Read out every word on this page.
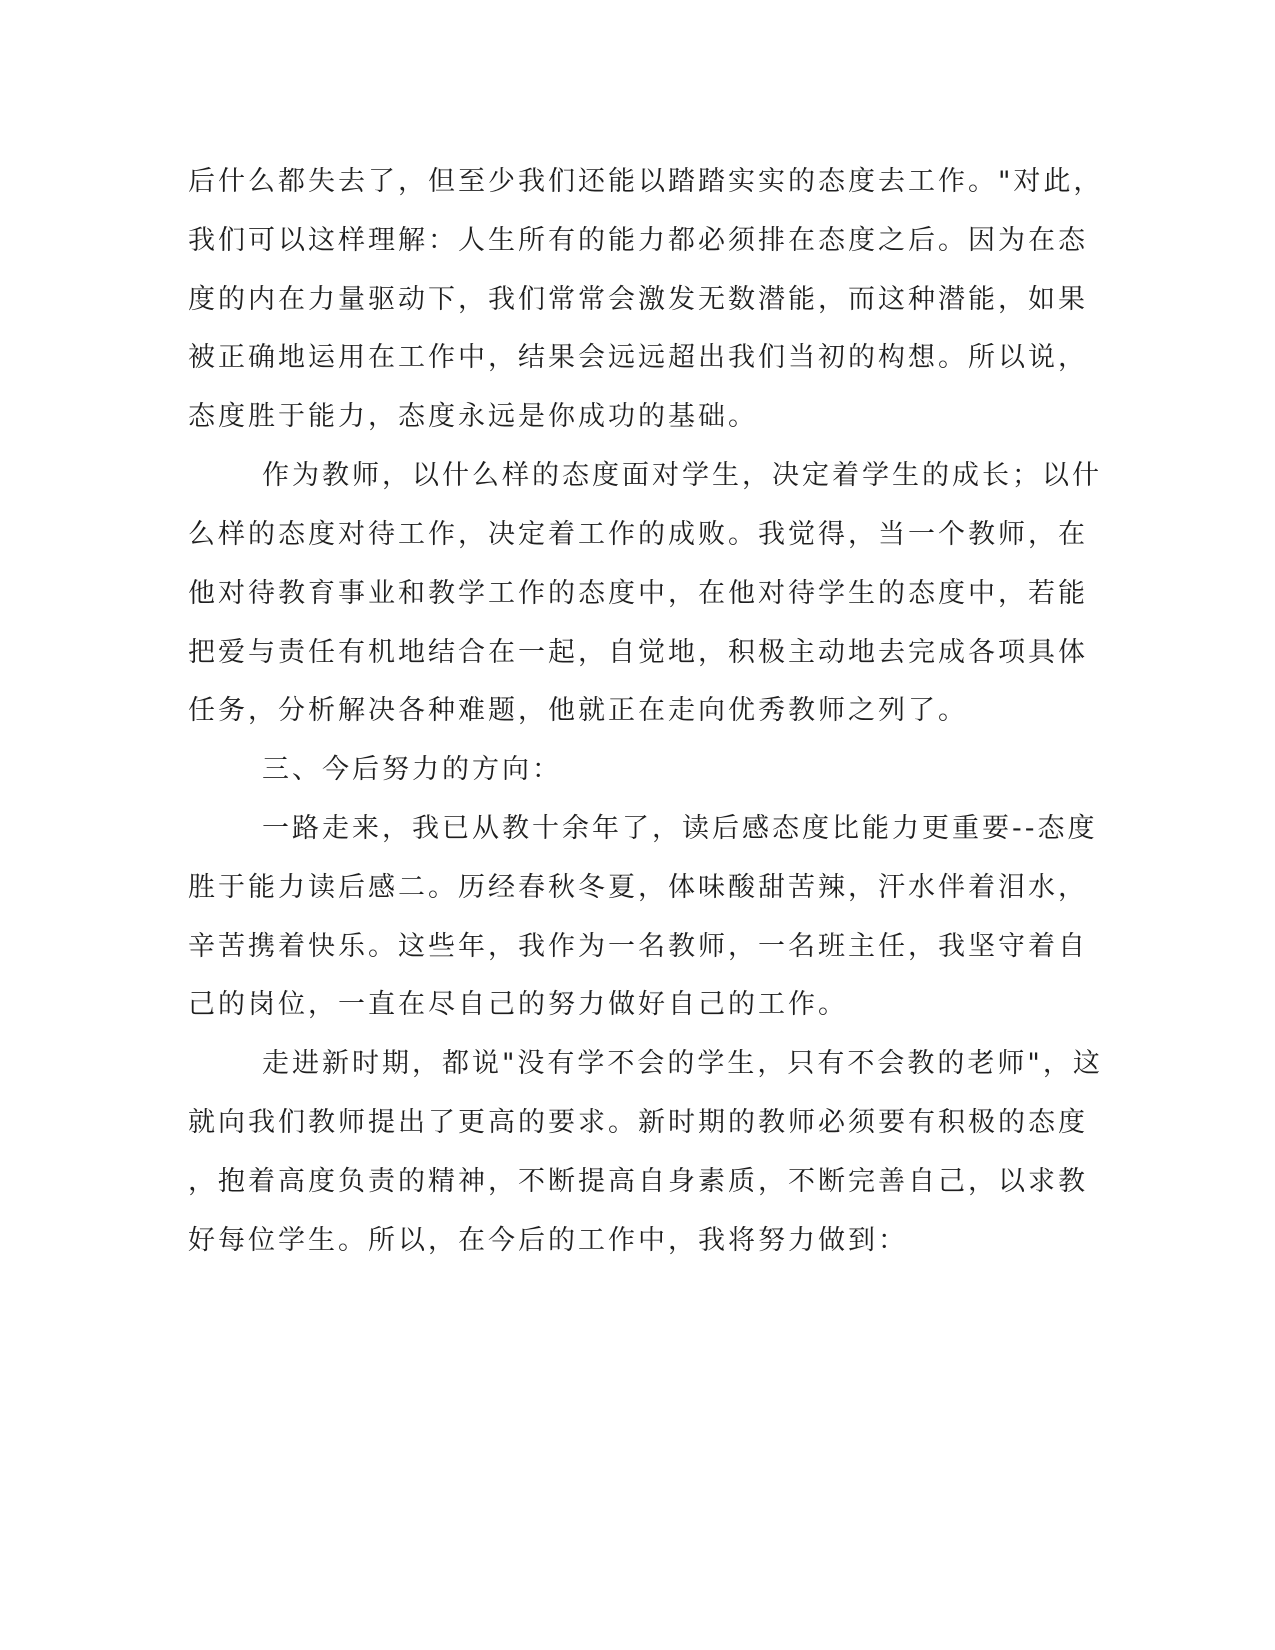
后什么都失去了，但至少我们还能以踏踏实实的态度去工作。"对此，
我们可以这样理解：人生所有的能力都必须排在态度之后。因为在态
度的内在力量驱动下，我们常常会激发无数潜能，而这种潜能，如果
被正确地运用在工作中，结果会远远超出我们当初的构想。所以说，
态度胜于能力，态度永远是你成功的基础。
作为教师，以什么样的态度面对学生，决定着学生的成长；以什
么样的态度对待工作，决定着工作的成败。我觉得，当一个教师，在
他对待教育事业和教学工作的态度中，在他对待学生的态度中，若能
把爱与责任有机地结合在一起，自觉地，积极主动地去完成各项具体
任务，分析解决各种难题，他就正在走向优秀教师之列了。
三、今后努力的方向：
一路走来，我已从教十余年了，读后感态度比能力更重要--态度
胜于能力读后感二。历经春秋冬夏，体味酸甜苦辣，汗水伴着泪水，
辛苦携着快乐。这些年，我作为一名教师，一名班主任，我坚守着自
己的岗位，一直在尽自己的努力做好自己的工作。
走进新时期，都说"没有学不会的学生，只有不会教的老师"，这
就向我们教师提出了更高的要求。新时期的教师必须要有积极的态度
，抱着高度负责的精神，不断提高自身素质，不断完善自己，以求教
好每位学生。所以，在今后的工作中，我将努力做到：
